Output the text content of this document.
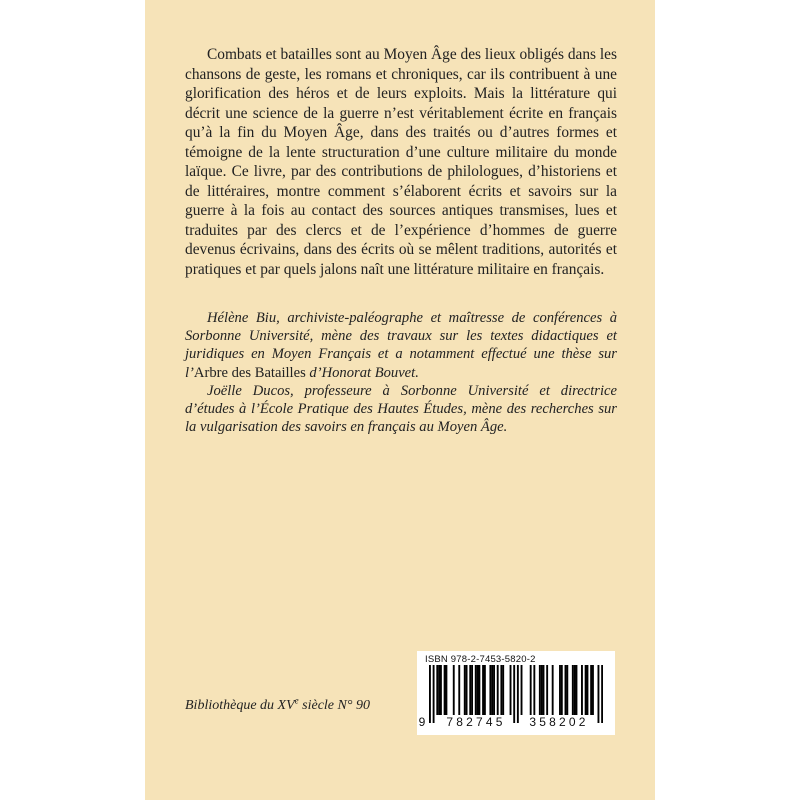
Combats et batailles sont au Moyen Âge des lieux obligés dans les chansons de geste, les romans et chroniques, car ils contribuent à une glorification des héros et de leurs exploits. Mais la littérature qui décrit une science de la guerre n’est véritablement écrite en français qu’à la fin du Moyen Âge, dans des traités ou d’autres formes et témoigne de la lente structuration d’une culture militaire du monde laïque. Ce livre, par des contributions de philologues, d’historiens et de littéraires, montre comment s’élaborent écrits et savoirs sur la guerre à la fois au contact des sources antiques transmises, lues et traduites par des clercs et de l’expérience d’hommes de guerre devenus écrivains, dans des écrits où se mêlent traditions, autorités et pratiques et par quels jalons naît une littérature militaire en français.

Hélène Biu, archiviste-paléographe et maîtresse de conférences à Sorbonne Université, mène des travaux sur les textes didactiques et juridiques en Moyen Français et a notamment effectué une thèse sur l’Arbre des Batailles d’Honorat Bouvet.

Joëlle Ducos, professeure à Sorbonne Université et directrice d’études à l’École Pratique des Hautes Études, mène des recherches sur la vulgarisation des savoirs en français au Moyen Âge.

Bibliothèque du XVe siècle N° 90
ISBN 978-2-7453-5820-2
9	782745	358202
